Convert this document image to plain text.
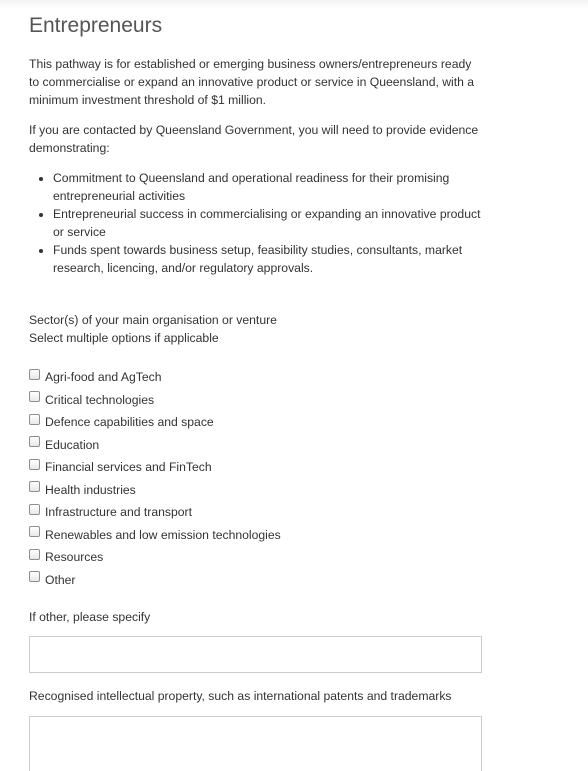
Entrepreneurs

This pathway is for established or emerging business owners/entrepreneurs ready to commercialise or expand an innovative product or service in Queensland, with a minimum investment threshold of $1 million.

If you are contacted by Queensland Government, you will need to provide evidence demonstrating:

• Commitment to Queensland and operational readiness for their promising entrepreneurial activities
• Entrepreneurial success in commercialising or expanding an innovative product or service
• Funds spent towards business setup, feasibility studies, consultants, market research, licencing, and/or regulatory approvals.

Sector(s) of your main organisation or venture

Select multiple options if applicable

Agri-food and AgTech
Critical technologies
Defence capabilities and space
Education
Financial services and FinTech
Health industries
Infrastructure and transport
Renewables and low emission technologies
Resources
Other

If other, please specify

Recognised intellectual property, such as international patents and trademarks
